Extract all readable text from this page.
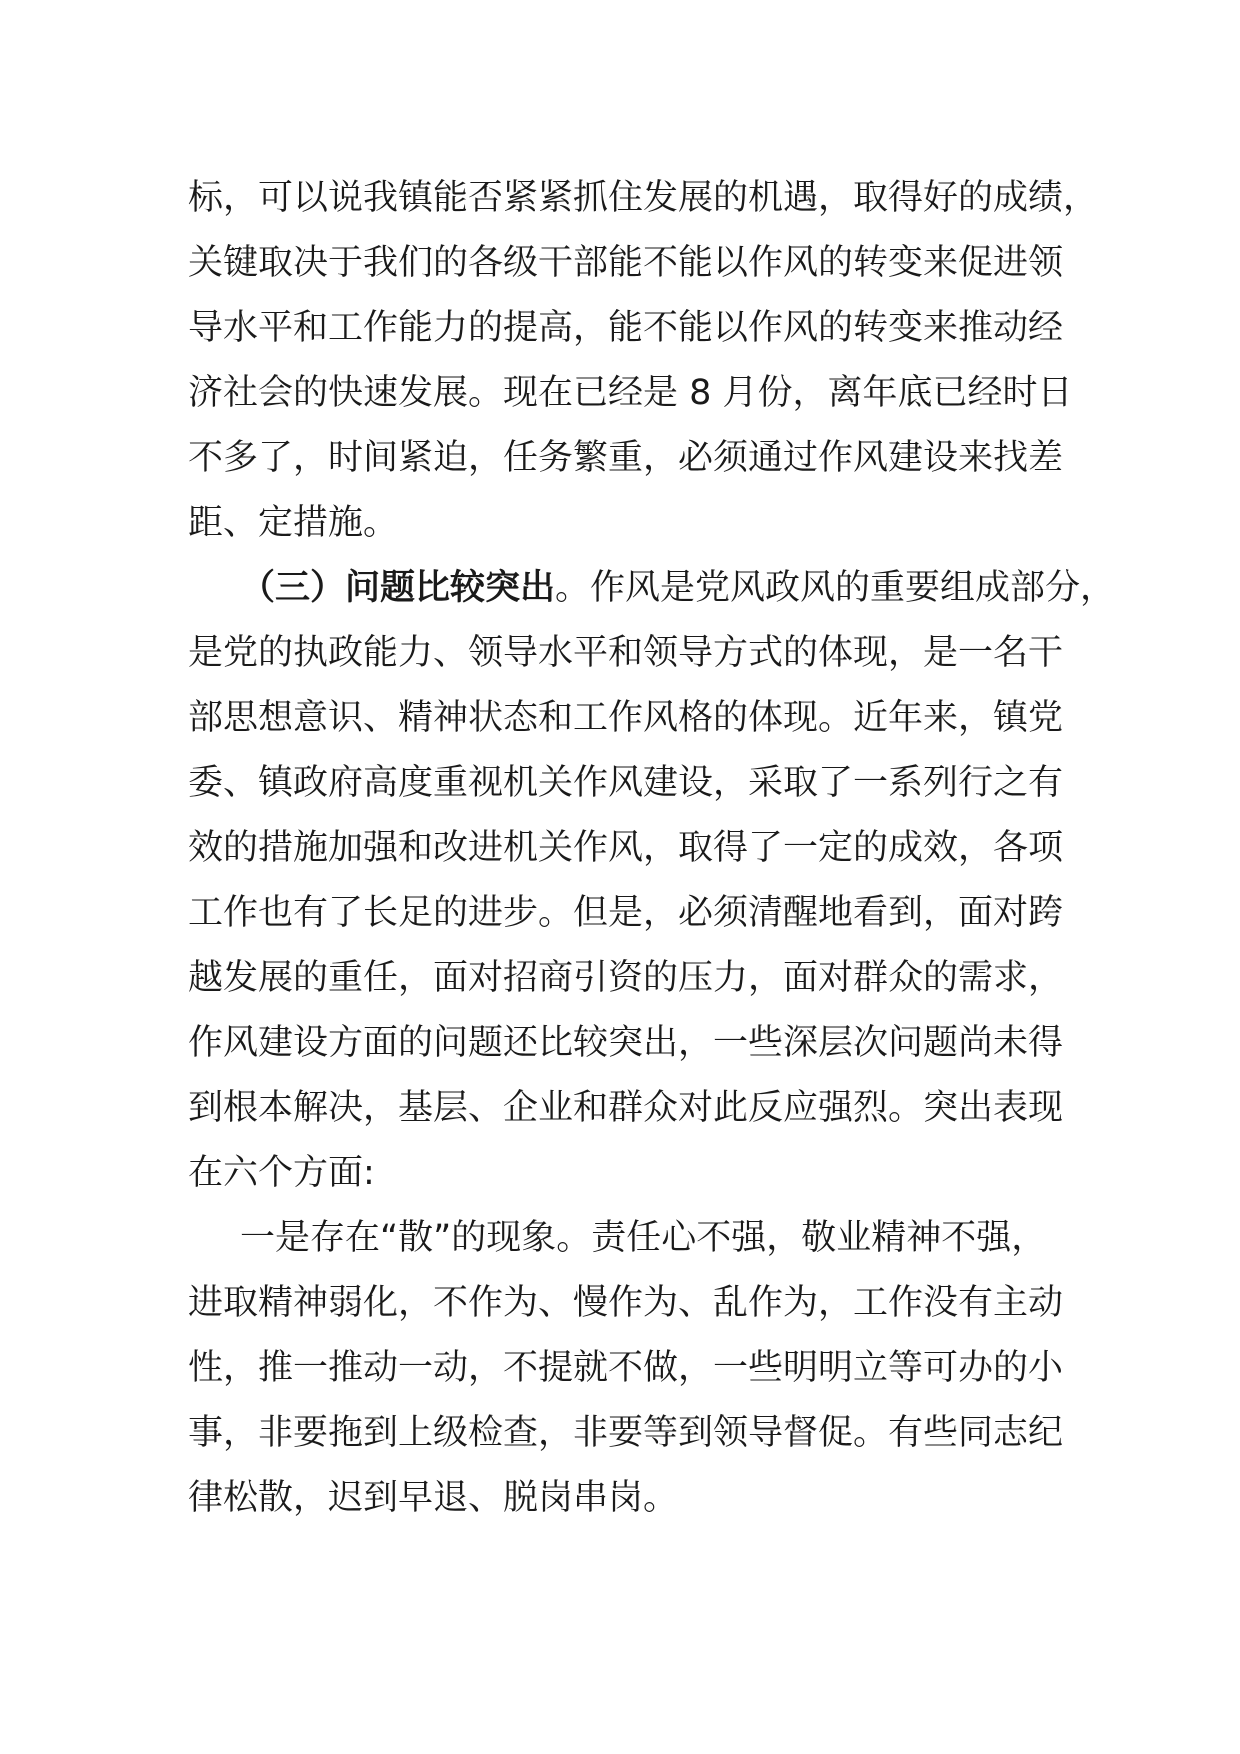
标，可以说我镇能否紧紧抓住发展的机遇，取得好的成绩，
关键取决于我们的各级干部能不能以作风的转变来促进领
导水平和工作能力的提高，能不能以作风的转变来推动经
济社会的快速发展。现在已经是 8 月份，离年底已经时日
不多了，时间紧迫，任务繁重，必须通过作风建设来找差
距、定措施。
（三）问题比较突出。作风是党风政风的重要组成部分，
是党的执政能力、领导水平和领导方式的体现，是一名干
部思想意识、精神状态和工作风格的体现。近年来，镇党
委、镇政府高度重视机关作风建设，采取了一系列行之有
效的措施加强和改进机关作风，取得了一定的成效，各项
工作也有了长足的进步。但是，必须清醒地看到，面对跨
越发展的重任，面对招商引资的压力，面对群众的需求，
作风建设方面的问题还比较突出，一些深层次问题尚未得
到根本解决，基层、企业和群众对此反应强烈。突出表现
在六个方面:
一是存在“散”的现象。责任心不强，敬业精神不强，
进取精神弱化，不作为、慢作为、乱作为，工作没有主动
性，推一推动一动，不提就不做，一些明明立等可办的小
事，非要拖到上级检查，非要等到领导督促。有些同志纪
律松散，迟到早退、脱岗串岗。
